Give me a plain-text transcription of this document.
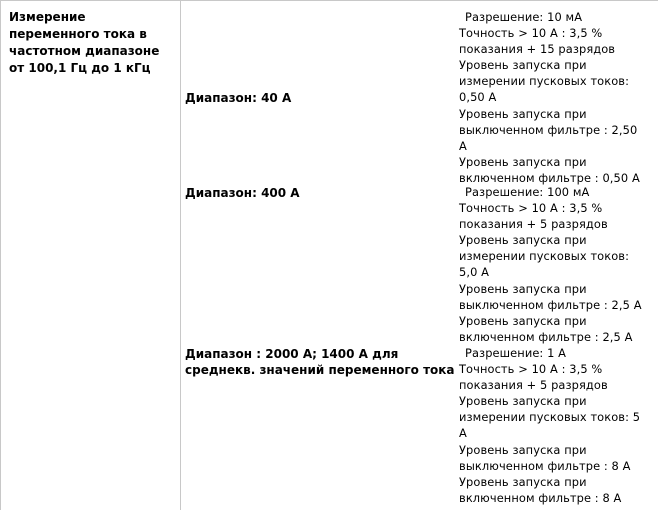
Измерение
переменного тока в
частотном диапазоне
от 100,1 Гц до 1 кГц
Диапазон: 40 А
Разрешение: 10 мА
Точность > 10 А : 3,5 %
показания + 15 разрядов
Уровень запуска при
измерении пусковых токов:
0,50 А
Уровень запуска при
выключенном фильтре : 2,50
А
Уровень запуска при
включенном фильтре : 0,50 А
Диапазон: 400 А	Разрешение: 100 мА
Точность > 10 А : 3,5 %
показания + 5 разрядов
Уровень запуска при
измерении пусковых токов:
5,0 А
Уровень запуска при
выключенном фильтре : 2,5 А
Уровень запуска при
включенном фильтре : 2,5 А
Диапазон : 2000 А; 1400 А для
среднекв. значений переменного тока
Разрешение: 1 А
Точность > 10 А : 3,5 %
показания + 5 разрядов
Уровень запуска при
измерении пусковых токов: 5
А
Уровень запуска при
выключенном фильтре : 8 А
Уровень запуска при
включенном фильтре : 8 А
